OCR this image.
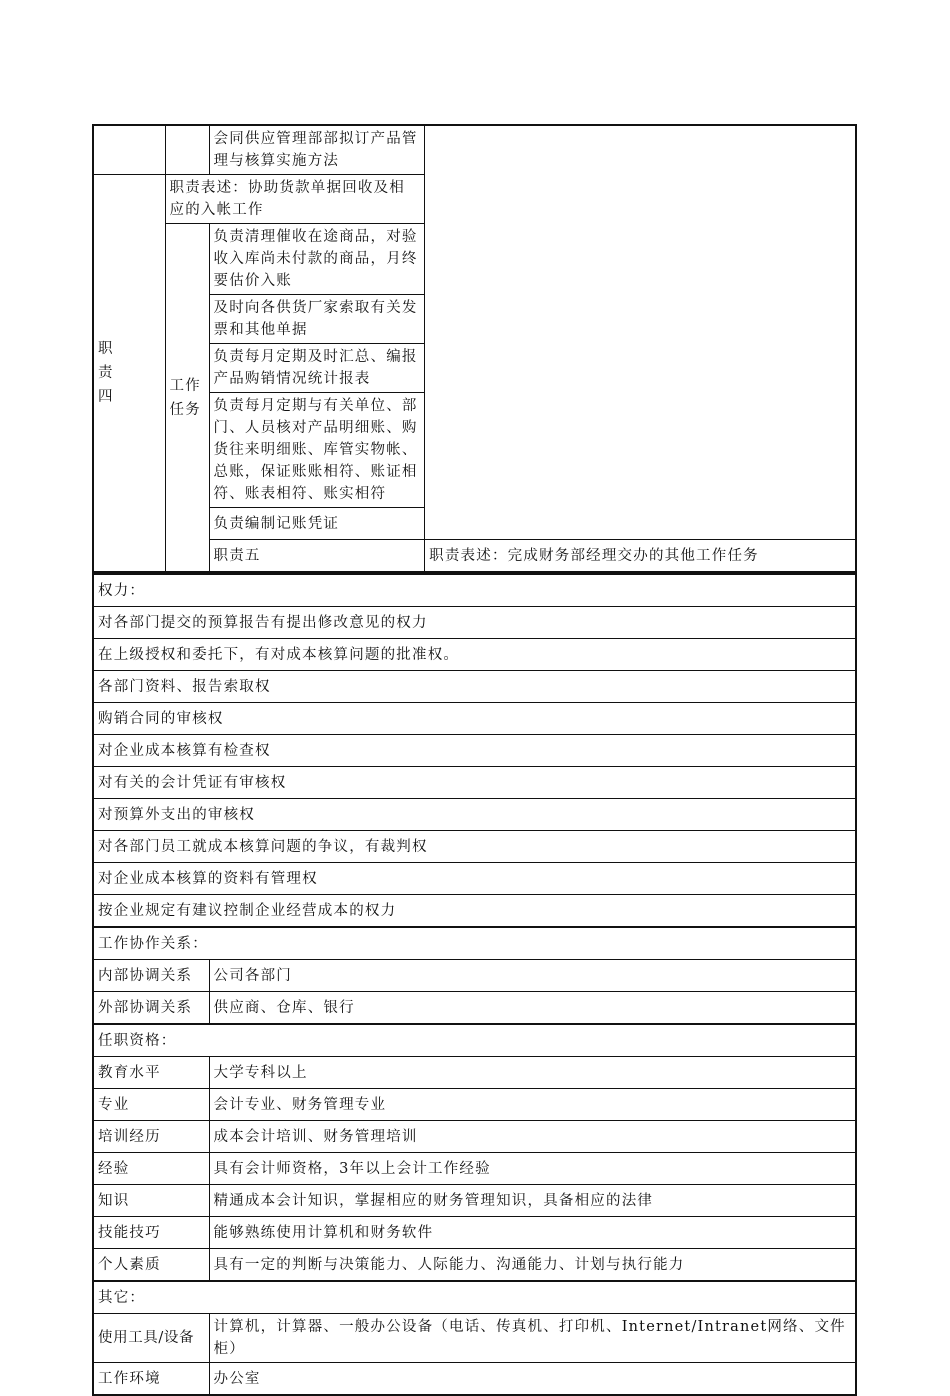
		会同供应管理部部拟订产品管理与核算实施方法	
职
责
四	职责表述：协助货款单据回收及相应的入帐工作		
	工作
任务	负责清理催收在途商品，对验收入库尚未付款的商品，月终要估价入账	
		及时向各供货厂家索取有关发票和其他单据	
		负责每月定期及时汇总、编报产品购销情况统计报表	
		负责每月定期与有关单位、部门、人员核对产品明细账、购货往来明细账、库管实物帐、总账，保证账账相符、账证相符、账表相符、账实相符	
		负责编制记账凭证	
		职责五	职责表述：完成财务部经理交办的其他工作任务
权力：	
对各部门提交的预算报告有提出修改意见的权力	
在上级授权和委托下，有对成本核算问题的批准权。	
各部门资料、报告索取权	
购销合同的审核权	
对企业成本核算有检查权	
对有关的会计凭证有审核权	
对预算外支出的审核权	
对各部门员工就成本核算问题的争议，有裁判权	
对企业成本核算的资料有管理权	
按企业规定有建议控制企业经营成本的权力	
工作协作关系：	
内部协调关系	公司各部门
外部协调关系	供应商、仓库、银行
任职资格：	
教育水平	大学专科以上
专业	会计专业、财务管理专业
培训经历	成本会计培训、财务管理培训
经验	具有会计师资格，3年以上会计工作经验
知识	精通成本会计知识，掌握相应的财务管理知识，具备相应的法律
技能技巧	能够熟练使用计算机和财务软件
个人素质	具有一定的判断与决策能力、人际能力、沟通能力、计划与执行能力
其它：	
使用工具/设备	计算机，计算器、一般办公设备（电话、传真机、打印机、Internet/Intranet网络、文件柜）
工作环境	办公室
